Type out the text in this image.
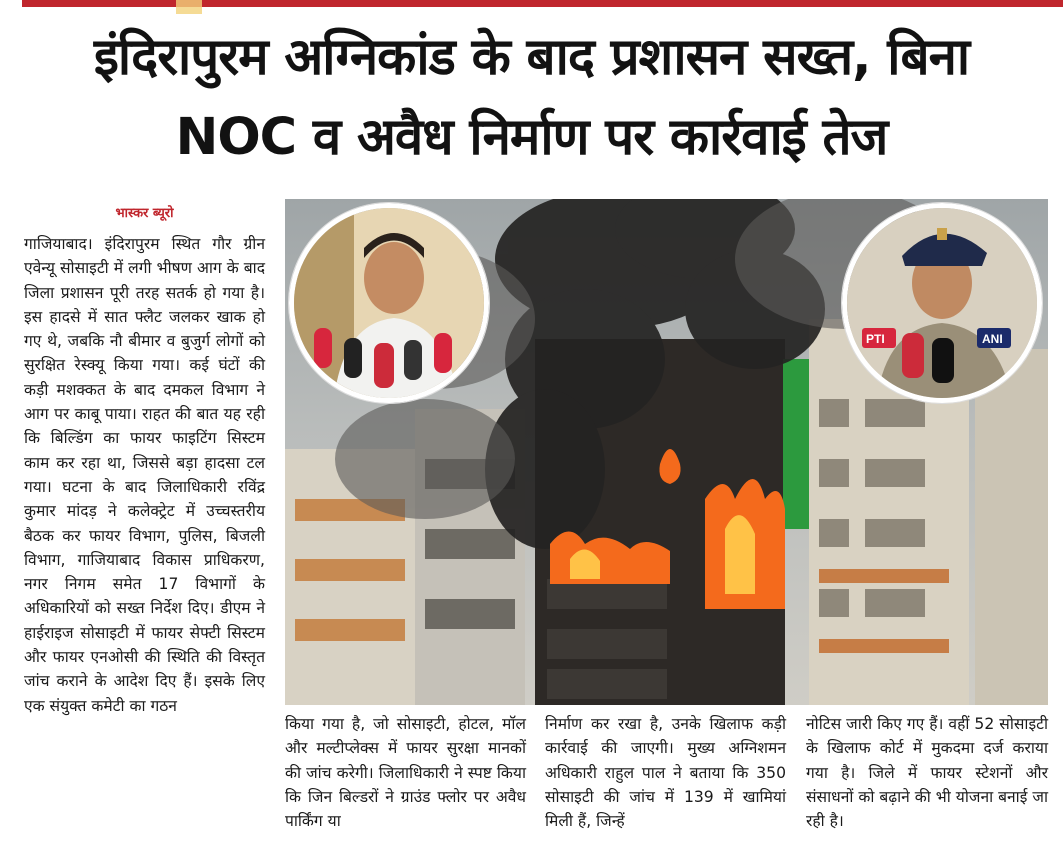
इंदिरापुरम अग्निकांड के बाद प्रशासन सख्त, बिना
NOC व अवैध निर्माण पर कार्रवाई तेज
भास्कर ब्यूरो

गाजियाबाद। इंदिरापुरम स्थित गौर ग्रीन एवेन्यू सोसाइटी में लगी भीषण आग के बाद जिला प्रशासन पूरी तरह सतर्क हो गया है। इस हादसे में सात फ्लैट जलकर खाक हो गए थे, जबकि नौ बीमार व बुजुर्ग लोगों को सुरक्षित रेस्क्यू किया गया। कई घंटों की कड़ी मशक्कत के बाद दमकल विभाग ने आग पर काबू पाया। राहत की बात यह रही कि बिल्डिंग का फायर फाइटिंग सिस्टम काम कर रहा था, जिससे बड़ा हादसा टल गया। घटना के बाद जिलाधिकारी रविंद्र कुमार मांदड़ ने कलेक्ट्रेट में उच्चस्तरीय बैठक कर फायर विभाग, पुलिस, बिजली विभाग, गाजियाबाद विकास प्राधिकरण, नगर निगम समेत 17 विभागों के अधिकारियों को सख्त निर्देश दिए। डीएम ने हाईराइज सोसाइटी में फायर सेफ्टी सिस्टम और फायर एनओसी की स्थिति की विस्तृत जांच कराने के आदेश दिए हैं। इसके लिए एक संयुक्त कमेटी का गठन

PTI	ANI

किया गया है, जो सोसाइटी, होटल, मॉल और मल्टीप्लेक्स में फायर सुरक्षा मानकों की जांच करेगी। जिलाधिकारी ने स्पष्ट किया कि जिन बिल्डरों ने ग्राउंड फ्लोर पर अवैध पार्किंग या

निर्माण कर रखा है, उनके खिलाफ कड़ी कार्रवाई की जाएगी। मुख्य अग्निशमन अधिकारी राहुल पाल ने बताया कि 350 सोसाइटी की जांच में 139 में खामियां मिली हैं, जिन्हें

नोटिस जारी किए गए हैं। वहीं 52 सोसाइटी के खिलाफ कोर्ट में मुकदमा दर्ज कराया गया है। जिले में फायर स्टेशनों और संसाधनों को बढ़ाने की भी योजना बनाई जा रही है।
